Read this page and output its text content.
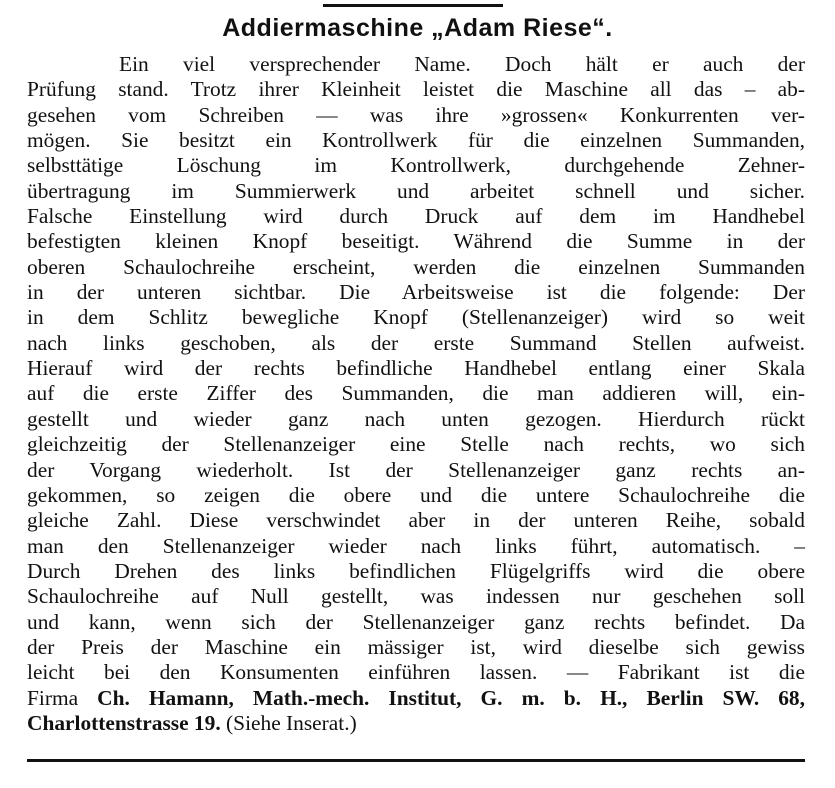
Addiermaschine „Adam Riese“.
Ein viel versprechender Name. Doch hält er auch der
Prüfung stand. Trotz ihrer Kleinheit leistet die Maschine all das – ab-
gesehen vom Schreiben — was ihre »grossen« Konkurrenten ver-
mögen. Sie besitzt ein Kontrollwerk für die einzelnen Summanden,
selbsttätige Löschung im Kontrollwerk, durchgehende Zehner-
übertragung im Summierwerk und arbeitet schnell und sicher.
Falsche Einstellung wird durch Druck auf dem im Handhebel
befestigten kleinen Knopf beseitigt. Während die Summe in der
oberen Schaulochreihe erscheint, werden die einzelnen Summanden
in der unteren sichtbar. Die Arbeitsweise ist die folgende: Der
in dem Schlitz bewegliche Knopf (Stellenanzeiger) wird so weit
nach links geschoben, als der erste Summand Stellen aufweist.
Hierauf wird der rechts befindliche Handhebel entlang einer Skala
auf die erste Ziffer des Summanden, die man addieren will, ein-
gestellt und wieder ganz nach unten gezogen. Hierdurch rückt
gleichzeitig der Stellenanzeiger eine Stelle nach rechts, wo sich
der Vorgang wiederholt. Ist der Stellenanzeiger ganz rechts an-
gekommen, so zeigen die obere und die untere Schaulochreihe die
gleiche Zahl. Diese verschwindet aber in der unteren Reihe, sobald
man den Stellenanzeiger wieder nach links führt, automatisch. –
Durch Drehen des links befindlichen Flügelgriffs wird die obere
Schaulochreihe auf Null gestellt, was indessen nur geschehen soll
und kann, wenn sich der Stellenanzeiger ganz rechts befindet. Da
der Preis der Maschine ein mässiger ist, wird dieselbe sich gewiss
leicht bei den Konsumenten einführen lassen. — Fabrikant ist die
Firma Ch. Hamann, Math.-mech. Institut, G. m. b. H., Berlin SW. 68,
Charlottenstrasse 19. (Siehe Inserat.)
